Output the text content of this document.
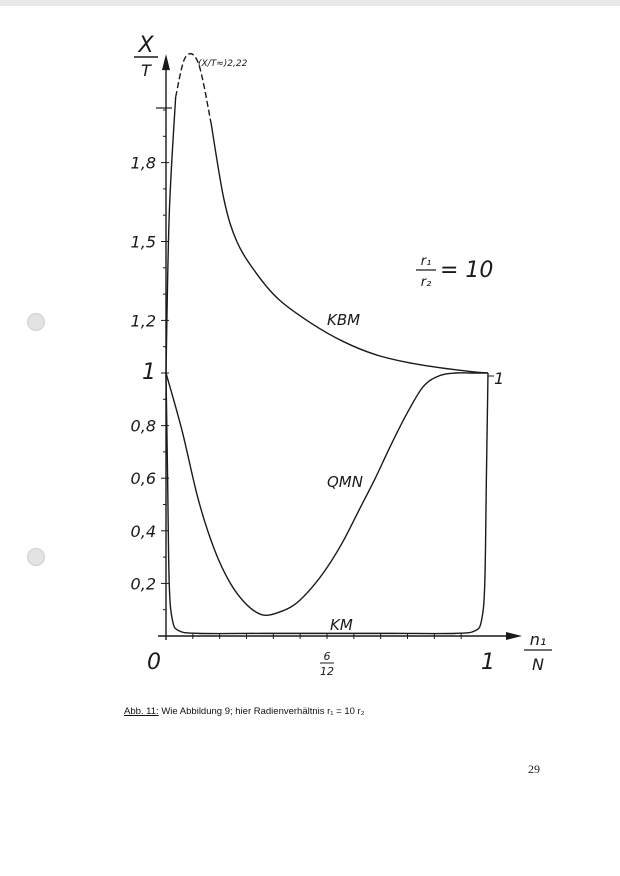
0,2
0,4
0,6
0,8
1
1,2
1,5
1,8
0	6
12	1
X
T	(X/T≈)2,22
r₁
r₂ = 10
KBM
QMN
KM
1
n₁
N
Abb. 11: Wie Abbildung 9; hier Radienverhältnis r₁ = 10 r₂
29
